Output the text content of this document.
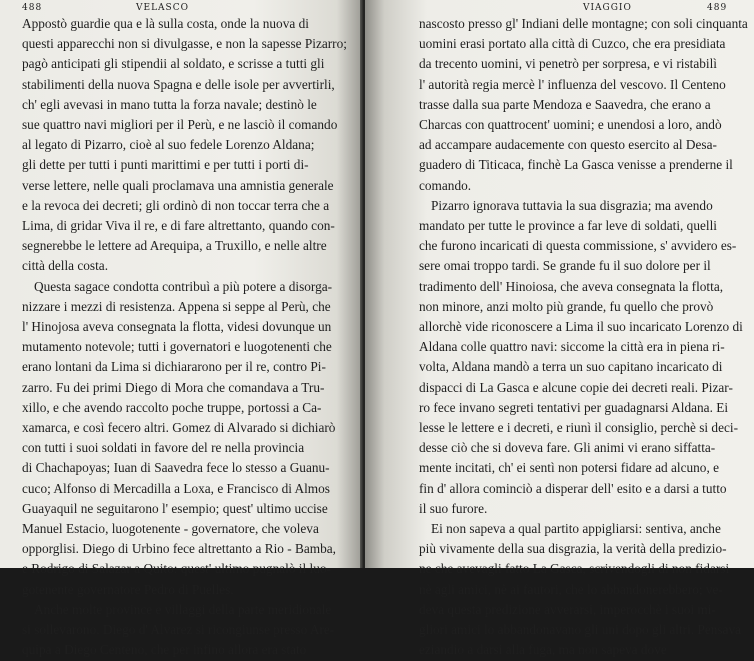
488	VELASCO
Appostò guardie qua e là sulla costa, onde la nuova di
questi apparecchi non si divulgasse, e non la sapesse Pizarro;
pagò anticipati gli stipendii al soldato, e scrisse a tutti gli
stabilimenti della nuova Spagna e delle isole per avvertirli,
ch' egli avevasi in mano tutta la forza navale; destinò le
sue quattro navi migliori per il Perù, e ne lasciò il comando
al legato di Pizarro, cioè al suo fedele Lorenzo Aldana;
gli dette per tutti i punti marittimi e per tutti i porti di-
verse lettere, nelle quali proclamava una amnistia generale
e la revoca dei decreti; gli ordinò di non toccar terra che a
Lima, di gridar Viva il re, e di fare altrettanto, quando con-
segnerebbe le lettere ad Arequipa, a Truxillo, e nelle altre
città della costa.
Questa sagace condotta contribuì a più potere a disorga-
nizzare i mezzi di resistenza. Appena si seppe al Perù, che
l' Hinojosa aveva consegnata la flotta, videsi dovunque un
mutamento notevole; tutti i governatori e luogotenenti che
erano lontani da Lima si dichiararono per il re, contro Pi-
zarro. Fu dei primi Diego di Mora che comandava a Tru-
xillo, e che avendo raccolto poche truppe, portossi a Ca-
xamarca, e così fecero altri. Gomez di Alvarado si dichiarò
con tutti i suoi soldati in favore del re nella provincia
di Chachapoyas; Iuan di Saavedra fece lo stesso a Guanu-
cuco; Alfonso di Mercadilla a Loxa, e Francisco di Almos
Guayaquil ne seguitarono l' esempio; quest' ultimo uccise
Manuel Estacio, luogotenente - governatore, che voleva
opporglisi. Diego di Urbino fece altrettanto a Rio - Bamba,
e Rodrigo di Salazar a Quito: quest' ultimo pugnalò il luo-
gotenente governatore Pedro di Puelles.
Anche molte province e villaggi della parte meridionale
si sollevarono. Diego d' Alvarez si ricongiunse presso Are-
quipa a Diego Centeno, che per infino allora era stato
VIAGGIO	489
nascosto presso gl' Indiani delle montagne; con soli cinquanta
uomini erasi portato alla città di Cuzco, che era presidiata
da trecento uomini, vi penetrò per sorpresa, e vi ristabilì
l' autorità regia mercè l' influenza del vescovo. Il Centeno
trasse dalla sua parte Mendoza e Saavedra, che erano a
Charcas con quattrocent' uomini; e unendosi a loro, andò
ad accampare audacemente con questo esercito al Desa-
guadero di Titicaca, finchè La Gasca venisse a prenderne il
comando.
Pizarro ignorava tuttavia la sua disgrazia; ma avendo
mandato per tutte le province a far leve di soldati, quelli
che furono incaricati di questa commissione, s' avvidero es-
sere omai troppo tardi. Se grande fu il suo dolore per il
tradimento dell' Hinoiosa, che aveva consegnata la flotta,
non minore, anzi molto più grande, fu quello che provò
allorchè vide riconoscere a Lima il suo incaricato Lorenzo di
Aldana colle quattro navi: siccome la città era in piena ri-
volta, Aldana mandò a terra un suo capitano incaricato di
dispacci di La Gasca e alcune copie dei decreti reali. Pizar-
ro fece invano segreti tentativi per guadagnarsi Aldana. Ei
lesse le lettere e i decreti, e riunì il consiglio, perchè si deci-
desse ciò che si doveva fare. Gli animi vi erano siffatta-
mente incitati, ch' ei sentì non potersi fidare ad alcuno, e
fin d' allora cominciò a disperar dell' esito e a darsi a tutto
il suo furore.
Ei non sapeva a qual partito appigliarsi: sentiva, anche
più vivamente della sua disgrazia, la verità della predizio-
ne che avevagli fatto La Gasca, scrivendogli di non fidarsi
nè agli amici, nè ai fautori, che lo abbandonerebbero; ve-
deva questa predizione avverarsi, imperocchè i suoi mi-
gliori amici lo abbandonavano gli uni dopo gli altri. Pensava
eziandio a darsi alla fuga, ma non sapeva dove
